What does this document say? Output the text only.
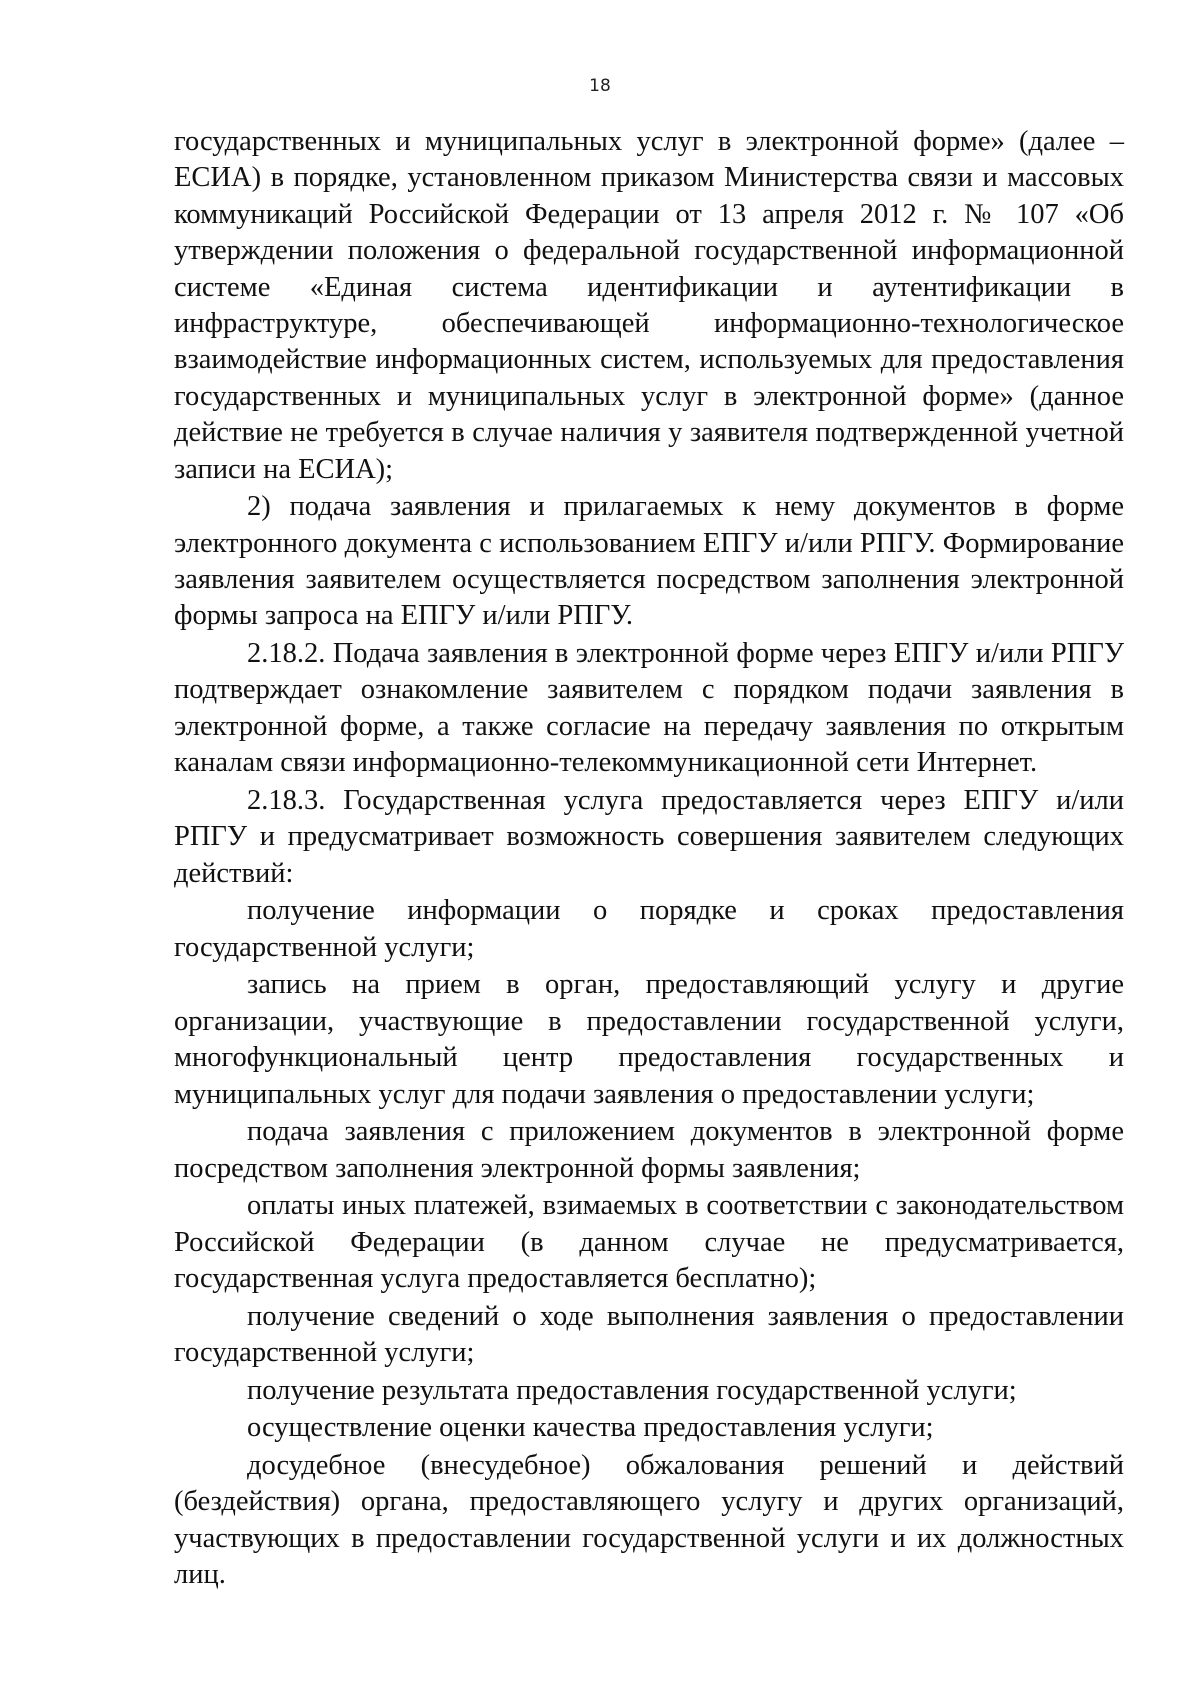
18

государственных и муниципальных услуг в электронной форме» (далее – ЕСИА) в порядке, установленном приказом Министерства связи и массовых коммуникаций Российской Федерации от 13 апреля 2012 г. № 107 «Об утверждении положения о федеральной государственной информационной системе «Единая система идентификации и аутентификации в инфраструктуре, обеспечивающей информационно-технологическое взаимодействие информационных систем, используемых для предоставления государственных и муниципальных услуг в электронной форме» (данное действие не требуется в случае наличия у заявителя подтвержденной учетной записи на ЕСИА);

2) подача заявления и прилагаемых к нему документов в форме электронного документа с использованием ЕПГУ и/или РПГУ. Формирование заявления заявителем осуществляется посредством заполнения электронной формы запроса на ЕПГУ и/или РПГУ.

2.18.2. Подача заявления в электронной форме через ЕПГУ и/или РПГУ подтверждает ознакомление заявителем с порядком подачи заявления в электронной форме, а также согласие на передачу заявления по открытым каналам связи информационно-телекоммуникационной сети Интернет.

2.18.3. Государственная услуга предоставляется через ЕПГУ и/или РПГУ и предусматривает возможность совершения заявителем следующих действий:

получение информации о порядке и сроках предоставления государственной услуги;

запись на прием в орган, предоставляющий услугу и другие организации, участвующие в предоставлении государственной услуги, многофункциональный центр предоставления государственных и муниципальных услуг для подачи заявления о предоставлении услуги;

подача заявления с приложением документов в электронной форме посредством заполнения электронной формы заявления;

оплаты иных платежей, взимаемых в соответствии с законодательством Российской Федерации (в данном случае не предусматривается, государственная услуга предоставляется бесплатно);

получение сведений о ходе выполнения заявления о предоставлении государственной услуги;

получение результата предоставления государственной услуги;

осуществление оценки качества предоставления услуги;

досудебное (внесудебное) обжалования решений и действий (бездействия) органа, предоставляющего услугу и других организаций, участвующих в предоставлении государственной услуги и их должностных лиц.
